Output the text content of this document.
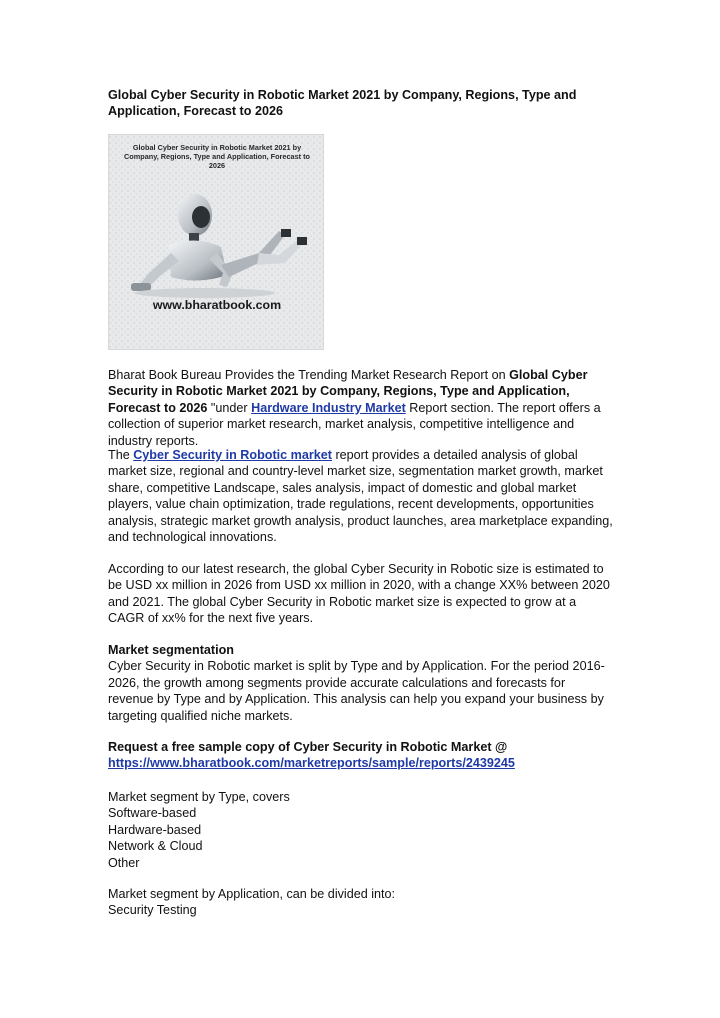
Global Cyber Security in Robotic Market 2021 by Company, Regions, Type and Application, Forecast to 2026
Global Cyber Security in Robotic Market 2021 by Company, Regions, Type and Application, Forecast to 2026
www.bharatbook.com
Bharat Book Bureau Provides the Trending Market Research Report on Global Cyber Security in Robotic Market 2021 by Company, Regions, Type and Application, Forecast to 2026 "under Hardware Industry Market Report section. The report offers a collection of superior market research, market analysis, competitive intelligence and industry reports.
The Cyber Security in Robotic market report provides a detailed analysis of global market size, regional and country-level market size, segmentation market growth, market share, competitive Landscape, sales analysis, impact of domestic and global market players, value chain optimization, trade regulations, recent developments, opportunities analysis, strategic market growth analysis, product launches, area marketplace expanding, and technological innovations.
According to our latest research, the global Cyber Security in Robotic size is estimated to be USD xx million in 2026 from USD xx million in 2020, with a change XX% between 2020 and 2021. The global Cyber Security in Robotic market size is expected to grow at a CAGR of xx% for the next five years.
Market segmentation
Cyber Security in Robotic market is split by Type and by Application. For the period 2016-2026, the growth among segments provide accurate calculations and forecasts for revenue by Type and by Application. This analysis can help you expand your business by targeting qualified niche markets.
Request a free sample copy of Cyber Security in Robotic Market @
https://www.bharatbook.com/marketreports/sample/reports/2439245
Market segment by Type, covers
Software-based
Hardware-based
Network & Cloud
Other
Market segment by Application, can be divided into:
Security Testing
